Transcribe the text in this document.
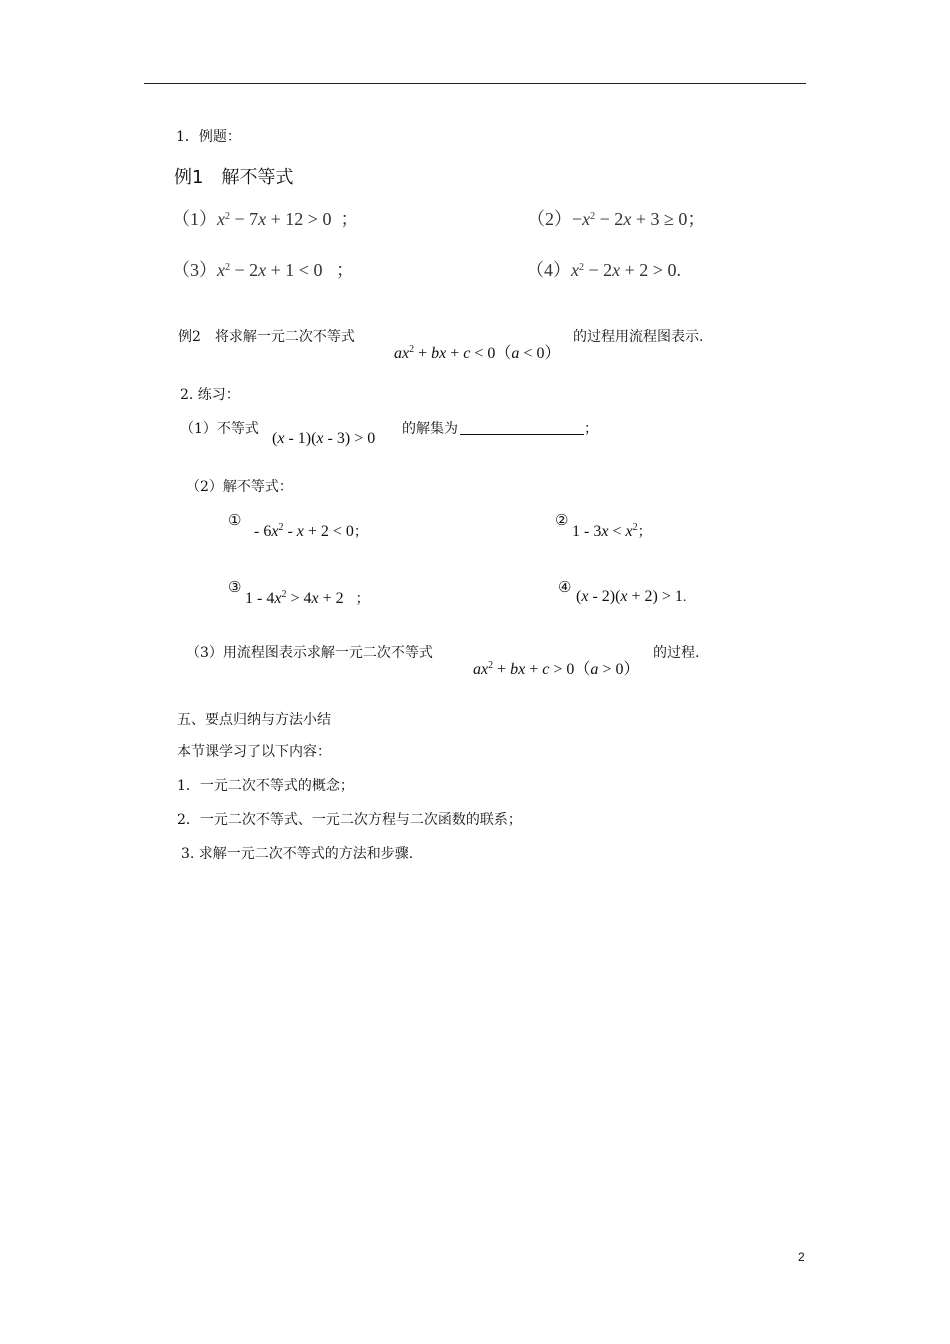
1．例题：
例1　解不等式
$(1)x^2 - 7x + 12 > 0$  ；	$(2)-x^2 - 2x + 3 \ge 0$；
$(3)x^2 - 2x + 1 < 0$   ；	$(4)x^2 - 2x + 2 > 0$.
例2　将求解一元二次不等式
$ax^2$ + bx + c < 0（a < 0）
的过程用流程图表示.
2. 练习：
（1）不等式
(x - 1)(x - 3) > 0
的解集为	；
（2）解不等式：
①
- $6x^2 - x + 2 < 0$；
②
$1 - 3x < x^2$；
③
$1 - 4x^2 > 4x + 2$   ；
④
(x - 2)(x + 2) > 1.
（3）用流程图表示求解一元二次不等式
$ax^2$ + bx + c > 0（a > 0）
的过程.
五、要点归纳与方法小结
本节课学习了以下内容：
1．一元二次不等式的概念；
2．一元二次不等式、一元二次方程与二次函数的联系；
3. 求解一元二次不等式的方法和步骤.
2
